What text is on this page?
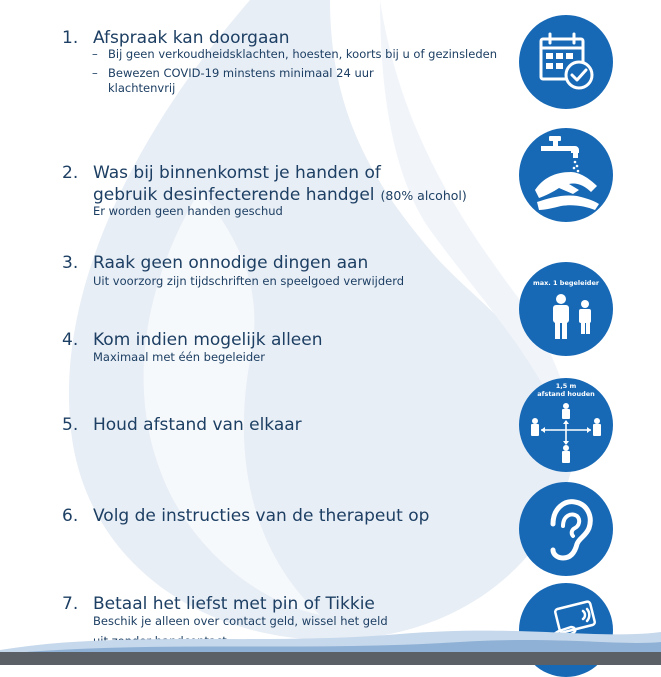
1. Afspraak kan doorgaan
– Bij geen verkoudheidsklachten, hoesten, koorts bij u of gezinsleden
– Bewezen COVID-19 minstens minimaal 24 uur klachtenvrij
2. Was bij binnenkomst je handen of
gebruik desinfecterende handgel (80% alcohol)

Er worden geen handen geschud

3. Raak geen onnodige dingen aan

Uit voorzorg zijn tijdschriften en speelgoed verwijderd

4. Kom indien mogelijk alleen

Maximaal met één begeleider

5. Houd afstand van elkaar
6. Volg de instructies van de therapeut op
7. Betaal het liefst met pin of Tikkie

Beschik je alleen over contact geld, wissel het geld

max. 1 begeleider
1,5 m
afstand houden
